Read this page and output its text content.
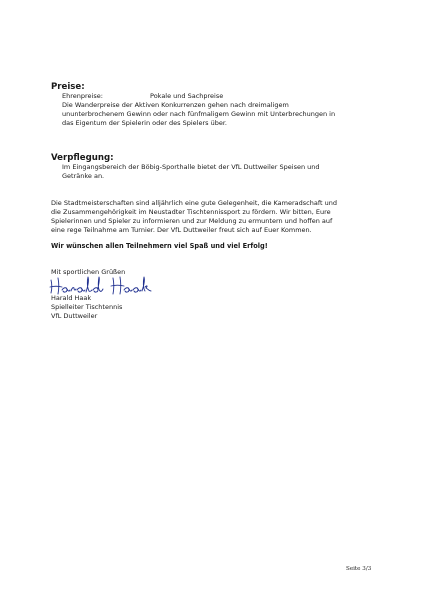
Preise:
Ehrenpreise:	Pokale und Sachpreise
Die Wanderpreise der Aktiven Konkurrenzen gehen nach dreimaligem
ununterbrochenem Gewinn oder nach fünfmaligem Gewinn mit Unterbrechungen in
das Eigentum der Spielerin oder des Spielers über.
Verpflegung:
Im Eingangsbereich der Böbig-Sporthalle bietet der VfL Duttweiler Speisen und
Getränke an.
Die Stadtmeisterschaften sind alljährlich eine gute Gelegenheit, die Kameradschaft und
die Zusammengehörigkeit im Neustadter Tischtennissport zu fördern. Wir bitten, Eure
Spielerinnen und Spieler zu informieren und zur Meldung zu ermuntern und hoffen auf
eine rege Teilnahme am Turnier. Der VfL Duttweiler freut sich auf Euer Kommen.
Wir wünschen allen Teilnehmern viel Spaß und viel Erfolg!
Mit sportlichen Grüßen
Harald Haak
Spielleiter Tischtennis
VfL Duttweiler
Seite 3/3
